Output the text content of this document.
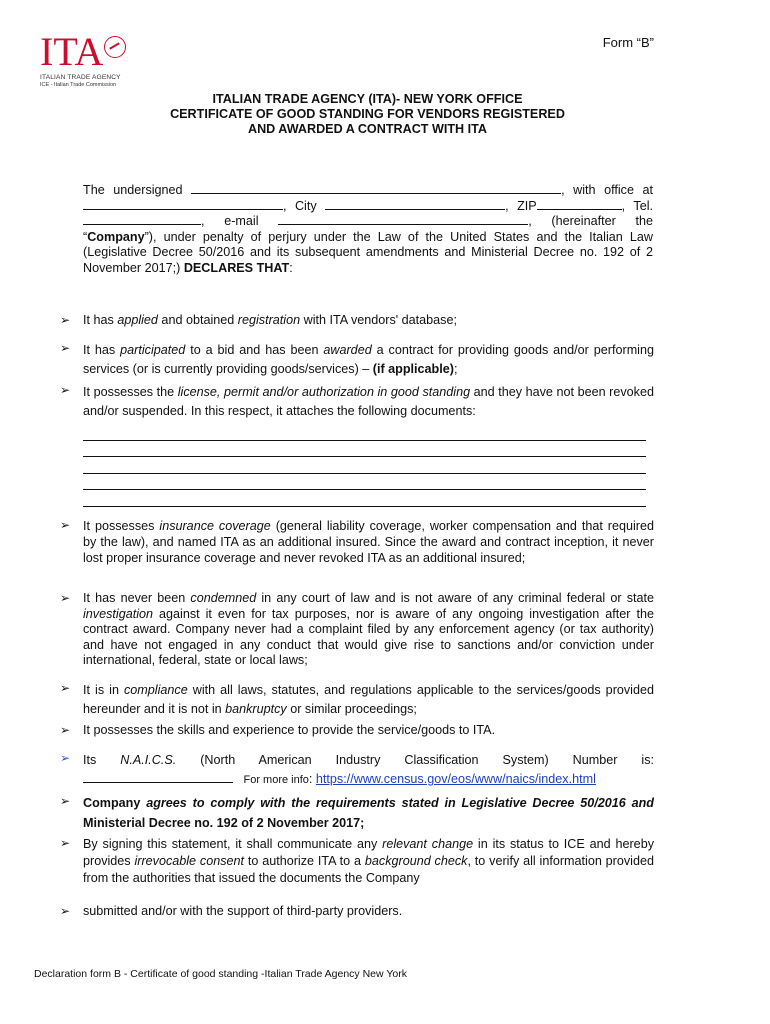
ITA
ITALIAN TRADE AGENCY
ICE - Italian Trade Commission
Form “B”
ITALIAN TRADE AGENCY (ITA)- NEW YORK OFFICE
CERTIFICATE OF GOOD STANDING FOR VENDORS REGISTERED
AND AWARDED A CONTRACT WITH ITA

The undersigned	, with office at , City	, ZIP	, Tel. , e-mail	, (hereinafter the “Company”), under penalty of perjury under the Law of the United States and the Italian Law (Legislative Decree 50/2016 and its subsequent amendments and Ministerial Decree no. 192 of 2 November 2017;) DECLARES THAT:

➢ It has applied and obtained registration with ITA vendors' database;
➢ It has participated to a bid and has been awarded a contract for providing goods and/or performing services (or is currently providing goods/services) – (if applicable);
➢ It possesses the license, permit and/or authorization in good standing and they have not been revoked and/or suspended. In this respect, it attaches the following documents:
➢ It possesses insurance coverage (general liability coverage, worker compensation and that required by the law), and named ITA as an additional insured. Since the award and contract inception, it never lost proper insurance coverage and never revoked ITA as an additional insured;
➢ It has never been condemned in any court of law and is not aware of any criminal federal or state investigation against it even for tax purposes, nor is aware of any ongoing investigation after the contract award. Company never had a complaint filed by any enforcement agency (or tax authority) and have not engaged in any conduct that would give rise to sanctions and/or conviction under international, federal, state or local laws;
➢ It is in compliance with all laws, statutes, and regulations applicable to the services/goods provided hereunder and it is not in bankruptcy or similar proceedings;
➢ It possesses the skills and experience to provide the service/goods to ITA.
➢ Its N.A.I.C.S. (North American Industry Classification System) Number is:
For more info: https://www.census.gov/eos/www/naics/index.html
➢ Company agrees to comply with the requirements stated in Legislative Decree 50/2016 and Ministerial Decree no. 192 of 2 November 2017;
➢ By signing this statement, it shall communicate any relevant change in its status to ICE and hereby provides irrevocable consent to authorize ITA to a background check, to verify all information provided from the authorities that issued the documents the Company
➢ submitted and/or with the support of third-party providers.
Declaration form B - Certificate of good standing -Italian Trade Agency New York
